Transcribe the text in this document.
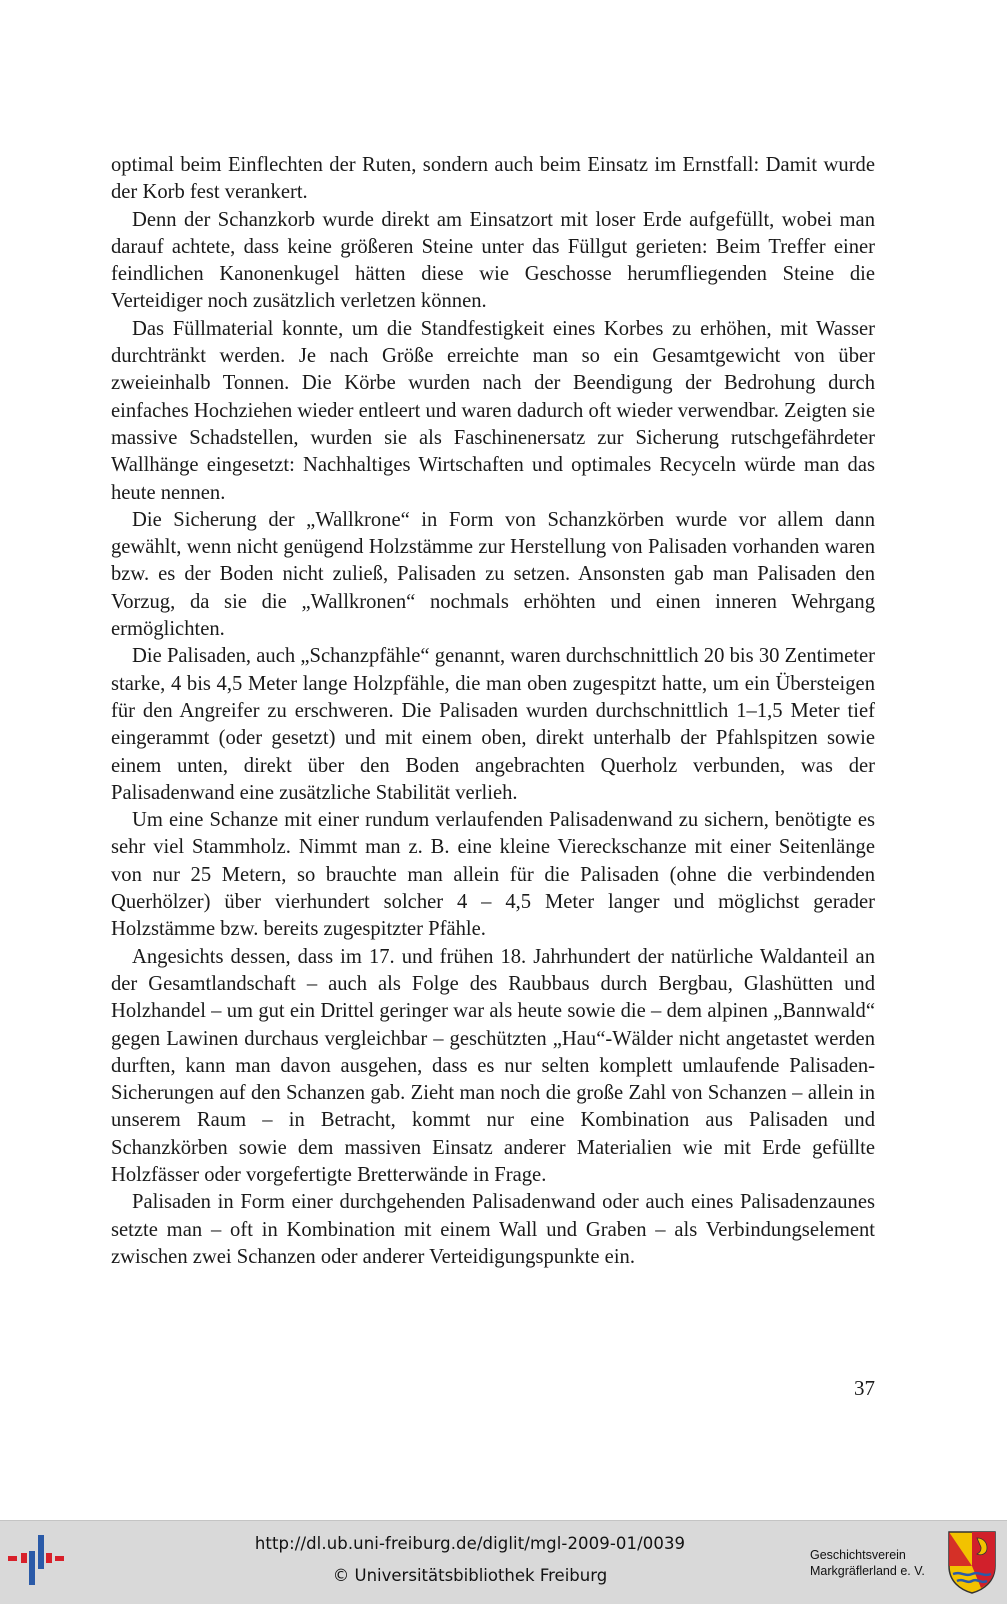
optimal beim Einflechten der Ruten, sondern auch beim Einsatz im Ernstfall: Damit wurde der Korb fest verankert.

Denn der Schanzkorb wurde direkt am Einsatzort mit loser Erde aufgefüllt, wobei man darauf achtete, dass keine größeren Steine unter das Füllgut gerieten: Beim Treffer einer feindlichen Kanonenkugel hätten diese wie Geschosse herumfliegenden Steine die Verteidiger noch zusätzlich verletzen können.

Das Füllmaterial konnte, um die Standfestigkeit eines Korbes zu erhöhen, mit Wasser durchtränkt werden. Je nach Größe erreichte man so ein Gesamtgewicht von über zweieinhalb Tonnen. Die Körbe wurden nach der Beendigung der Bedrohung durch einfaches Hochziehen wieder entleert und waren dadurch oft wieder verwendbar. Zeigten sie massive Schadstellen, wurden sie als Faschinenersatz zur Sicherung rutschgefährdeter Wallhänge eingesetzt: Nachhaltiges Wirtschaften und optimales Recyceln würde man das heute nennen.

Die Sicherung der „Wallkrone“ in Form von Schanzkörben wurde vor allem dann gewählt, wenn nicht genügend Holzstämme zur Herstellung von Palisaden vorhanden waren bzw. es der Boden nicht zuließ, Palisaden zu setzen. Ansonsten gab man Palisaden den Vorzug, da sie die „Wallkronen“ nochmals erhöhten und einen inneren Wehrgang ermöglichten.

Die Palisaden, auch „Schanzpfähle“ genannt, waren durchschnittlich 20 bis 30 Zentimeter starke, 4 bis 4,5 Meter lange Holzpfähle, die man oben zugespitzt hatte, um ein Übersteigen für den Angreifer zu erschweren. Die Palisaden wurden durchschnittlich 1–1,5 Meter tief eingerammt (oder gesetzt) und mit einem oben, direkt unterhalb der Pfahlspitzen sowie einem unten, direkt über den Boden angebrachten Querholz verbunden, was der Palisadenwand eine zusätzliche Stabilität verlieh.

Um eine Schanze mit einer rundum verlaufenden Palisadenwand zu sichern, benötigte es sehr viel Stammholz. Nimmt man z. B. eine kleine Viereckschanze mit einer Seitenlänge von nur 25 Metern, so brauchte man allein für die Palisaden (ohne die verbindenden Querhölzer) über vierhundert solcher 4 – 4,5 Meter langer und möglichst gerader Holzstämme bzw. bereits zugespitzter Pfähle.

Angesichts dessen, dass im 17. und frühen 18. Jahrhundert der natürliche Waldanteil an der Gesamtlandschaft – auch als Folge des Raubbaus durch Bergbau, Glashütten und Holzhandel – um gut ein Drittel geringer war als heute sowie die – dem alpinen „Bannwald“ gegen Lawinen durchaus vergleichbar – geschützten „Hau“-Wälder nicht angetastet werden durften, kann man davon ausgehen, dass es nur selten komplett umlaufende Palisaden-Sicherungen auf den Schanzen gab. Zieht man noch die große Zahl von Schanzen – allein in unserem Raum – in Betracht, kommt nur eine Kombination aus Palisaden und Schanzkörben sowie dem massiven Einsatz anderer Materialien wie mit Erde gefüllte Holzfässer oder vorgefertigte Bretterwände in Frage.

Palisaden in Form einer durchgehenden Palisadenwand oder auch eines Palisadenzaunes setzte man – oft in Kombination mit einem Wall und Graben – als Verbindungselement zwischen zwei Schanzen oder anderer Verteidigungspunkte ein.

37
http://dl.ub.uni-freiburg.de/diglit/mgl-2009-01/0039
© Universitätsbibliothek Freiburg
Geschichtsverein
Markgräflerland e. V.
